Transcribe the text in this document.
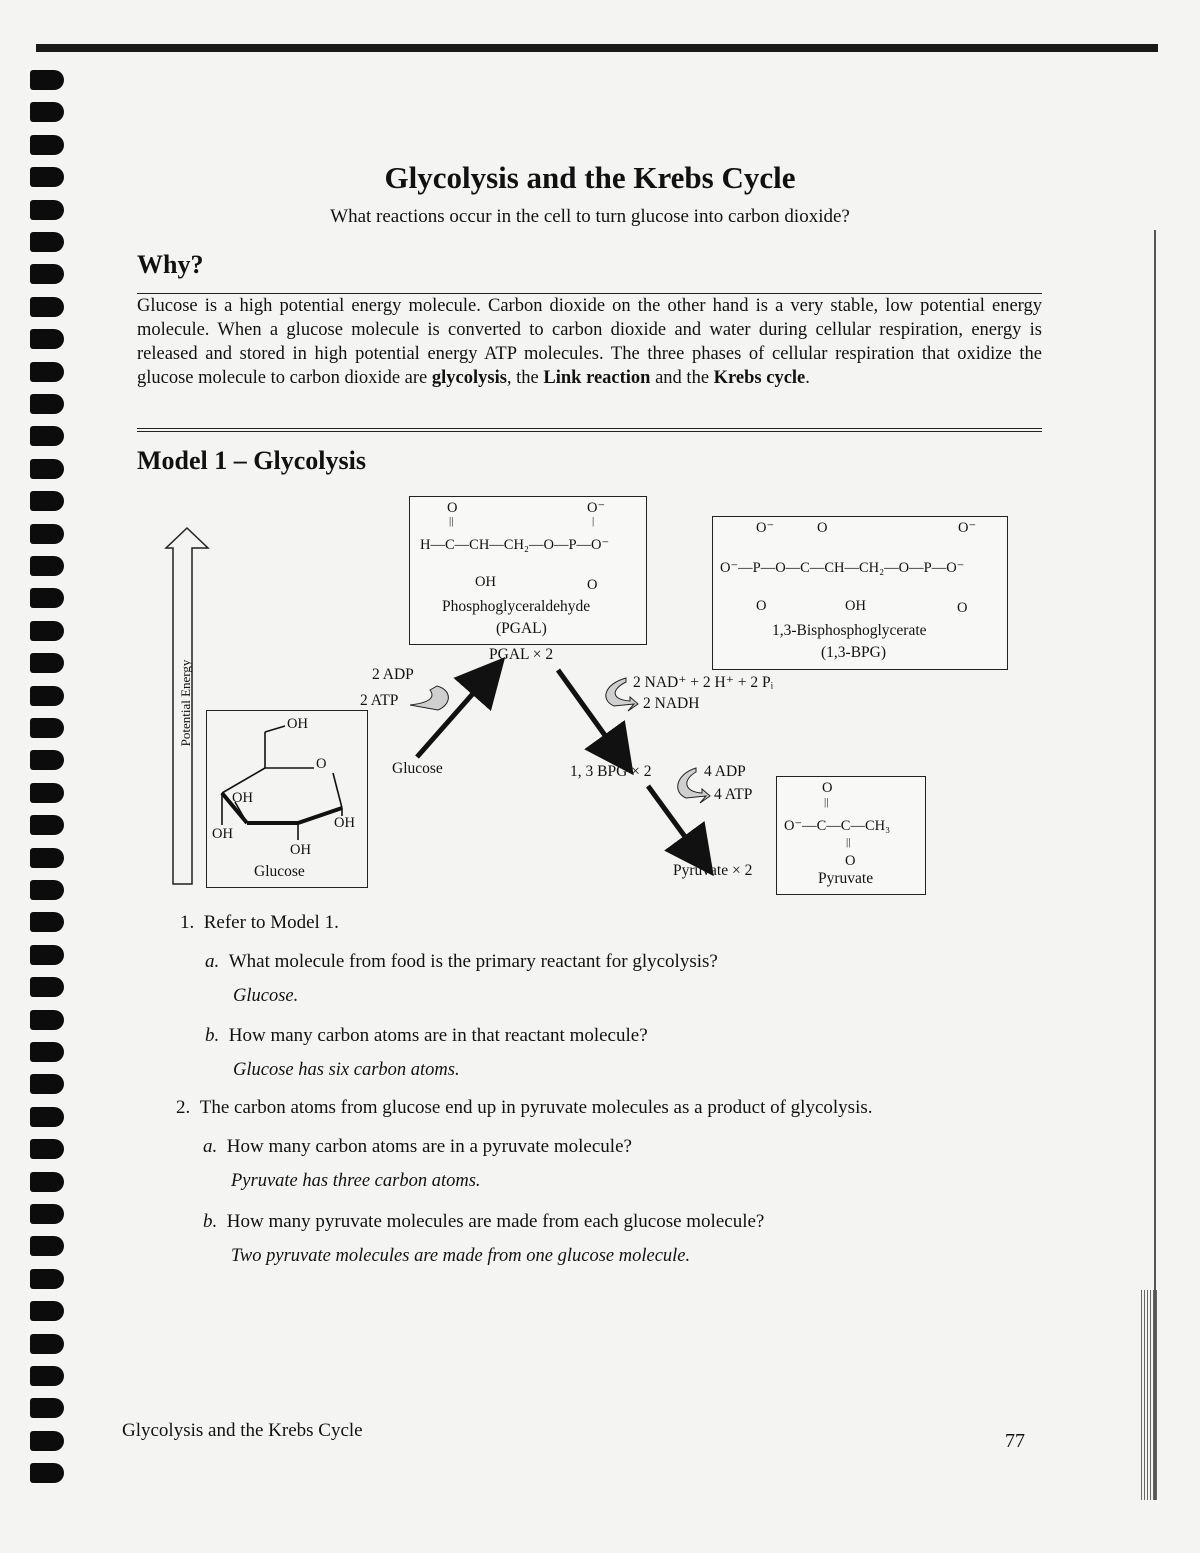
Glycolysis and the Krebs Cycle
What reactions occur in the cell to turn glucose into carbon dioxide?
Why?
Glucose is a high potential energy molecule. Carbon dioxide on the other hand is a very stable, low potential energy molecule. When a glucose molecule is converted to carbon dioxide and water during cellular respiration, energy is released and stored in high potential energy ATP molecules. The three phases of cellular respiration that oxidize the glucose molecule to carbon dioxide are glycolysis, the Link reaction and the Krebs cycle.
Model 1 – Glycolysis
Potential Energy
O	O⁻
||	|
H—C—CH—CH₂—O—P—O⁻
OH	O
Phosphoglyceraldehyde
(PGAL)
PGAL × 2
O⁻	O	O⁻
O⁻—P—O—C—CH—CH₂—O—P—O⁻
O	OH	O
1,3-Bisphosphoglycerate
(1,3-BPG)
OH
O
OH
OH
OH
OH
Glucose
O
||
O⁻—C—C—CH₃
||
O
Pyruvate
2 ADP
2 ATP
Glucose
2 NAD⁺ + 2 H⁺ + 2 Pᵢ
2 NADH
1, 3 BPG × 2	4 ADP
4 ATP
Pyruvate × 2
1. Refer to Model 1.
a. What molecule from food is the primary reactant for glycolysis?
Glucose.
b. How many carbon atoms are in that reactant molecule?
Glucose has six carbon atoms.
2. The carbon atoms from glucose end up in pyruvate molecules as a product of glycolysis.
a. How many carbon atoms are in a pyruvate molecule?
Pyruvate has three carbon atoms.
b. How many pyruvate molecules are made from each glucose molecule?
Two pyruvate molecules are made from one glucose molecule.
Glycolysis and the Krebs Cycle	77
